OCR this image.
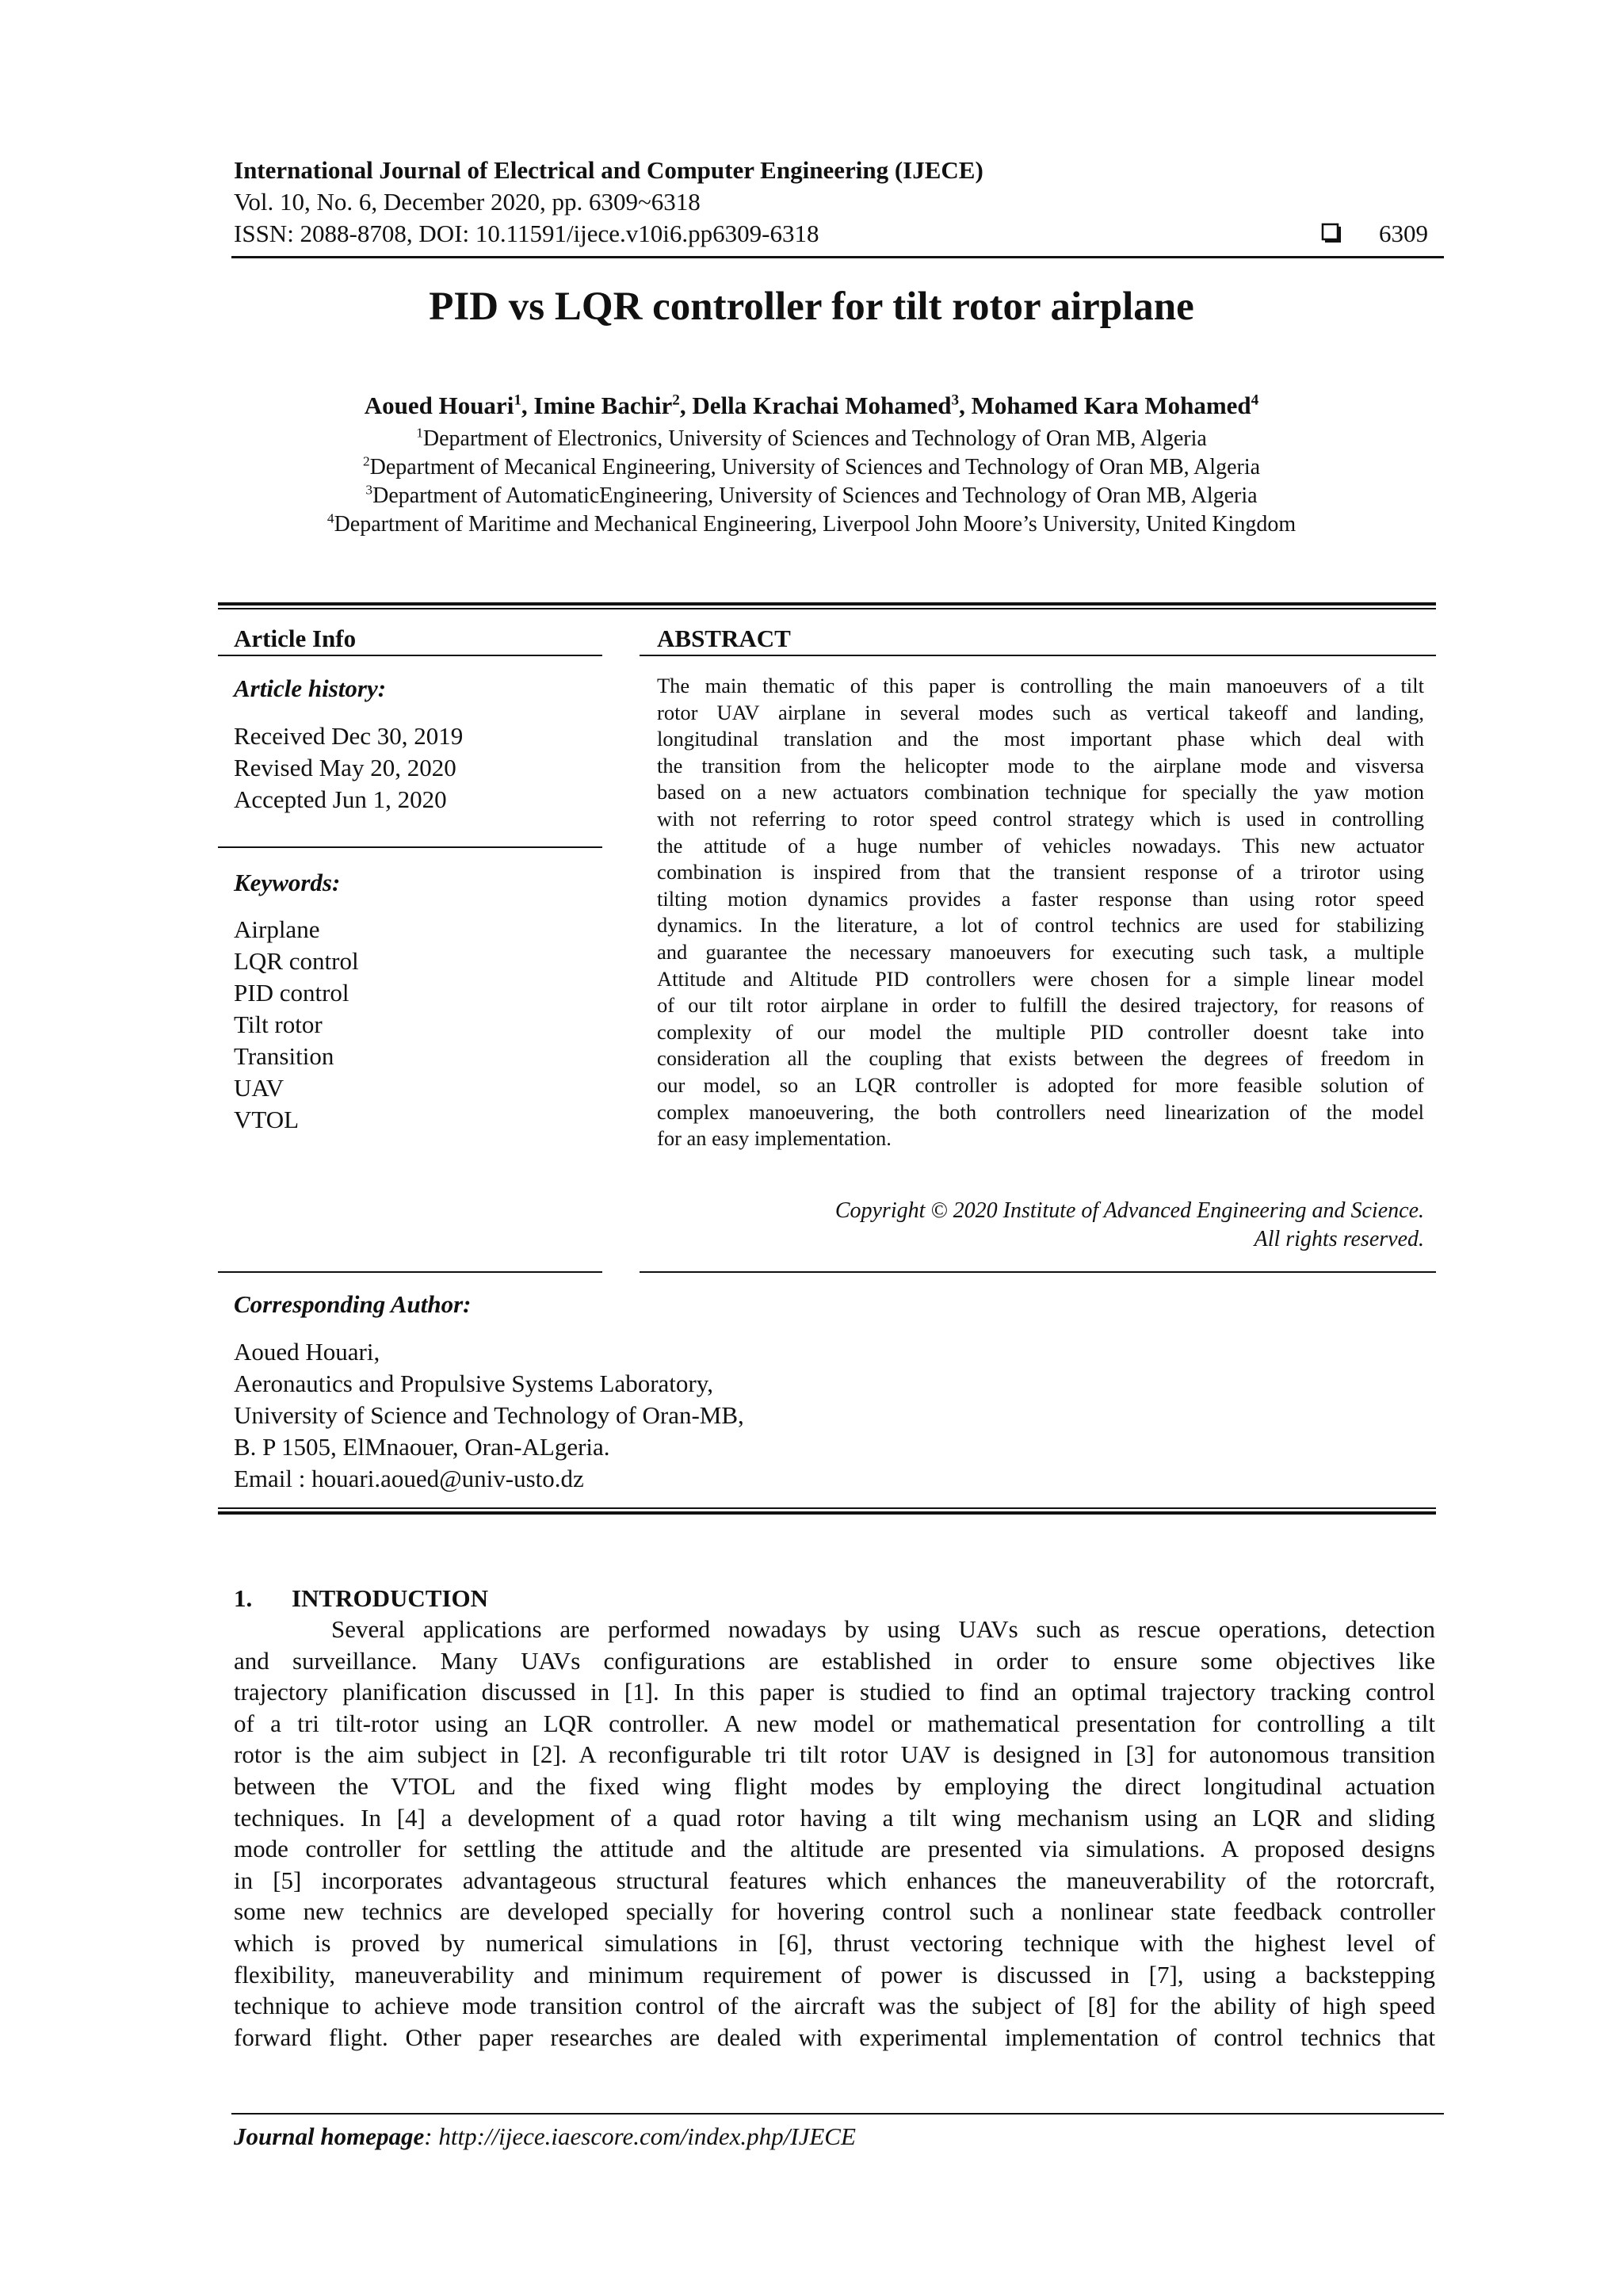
International Journal of Electrical and Computer Engineering (IJECE)
Vol. 10, No. 6, December 2020, pp. 6309~6318
ISSN: 2088-8708, DOI: 10.11591/ijece.v10i6.pp6309-6318	6309
PID vs LQR controller for tilt rotor airplane
Aoued Houari$^1$, Imine Bachir$^2$, Della Krachai Mohamed$^3$, Mohamed Kara Mohamed$^4$
$^1$Department of Electronics, University of Sciences and Technology of Oran MB, Algeria
$^2$Department of Mecanical Engineering, University of Sciences and Technology of Oran MB, Algeria
$^3$Department of AutomaticEngineering, University of Sciences and Technology of Oran MB, Algeria
$^4$Department of Maritime and Mechanical Engineering, Liverpool John Moore’s University, United Kingdom
Article Info
Article history:
Received Dec 30, 2019
Revised May 20, 2020
Accepted Jun 1, 2020
Keywords:
Airplane
LQR control
PID control
Tilt rotor
Transition
UAV
VTOL
ABSTRACT
The main thematic of this paper is controlling the main manoeuvers of a tilt
rotor UAV airplane in several modes such as vertical takeoff and landing,
longitudinal translation and the most important phase which deal with
the transition from the helicopter mode to the airplane mode and visversa
based on a new actuators combination technique for specially the yaw motion
with not referring to rotor speed control strategy which is used in controlling
the attitude of a huge number of vehicles nowadays. This new actuator
combination is inspired from that the transient response of a trirotor using
tilting motion dynamics provides a faster response than using rotor speed
dynamics. In the literature, a lot of control technics are used for stabilizing
and guarantee the necessary manoeuvers for executing such task, a multiple
Attitude and Altitude PID controllers were chosen for a simple linear model
of our tilt rotor airplane in order to fulfill the desired trajectory, for reasons of
complexity of our model the multiple PID controller doesnt take into
consideration all the coupling that exists between the degrees of freedom in
our model, so an LQR controller is adopted for more feasible solution of
complex manoeuvering, the both controllers need linearization of the model
for an easy implementation.
Copyright © 2020 Institute of Advanced Engineering and Science.
All rights reserved.
Corresponding Author:
Aoued Houari,
Aeronautics and Propulsive Systems Laboratory,
University of Science and Technology of Oran-MB,
B. P 1505, ElMnaouer, Oran-ALgeria.
Email : houari.aoued@univ-usto.dz
1. INTRODUCTION
Several applications are performed nowadays by using UAVs such as rescue operations, detection
and surveillance. Many UAVs configurations are established in order to ensure some objectives like
trajectory planification discussed in [1]. In this paper is studied to find an optimal trajectory tracking control
of a tri tilt-rotor using an LQR controller. A new model or mathematical presentation for controlling a tilt
rotor is the aim subject in [2]. A reconfigurable tri tilt rotor UAV is designed in [3] for autonomous transition
between the VTOL and the fixed wing flight modes by employing the direct longitudinal actuation
techniques. In [4] a development of a quad rotor having a tilt wing mechanism using an LQR and sliding
mode controller for settling the attitude and the altitude are presented via simulations. A proposed designs
in [5] incorporates advantageous structural features which enhances the maneuverability of the rotorcraft,
some new technics are developed specially for hovering control such a nonlinear state feedback controller
which is proved by numerical simulations in [6], thrust vectoring technique with the highest level of
flexibility, maneuverability and minimum requirement of power is discussed in [7], using a backstepping
technique to achieve mode transition control of the aircraft was the subject of [8] for the ability of high speed
forward flight. Other paper researches are dealed with experimental implementation of control technics that
Journal homepage: http://ijece.iaescore.com/index.php/IJECE
